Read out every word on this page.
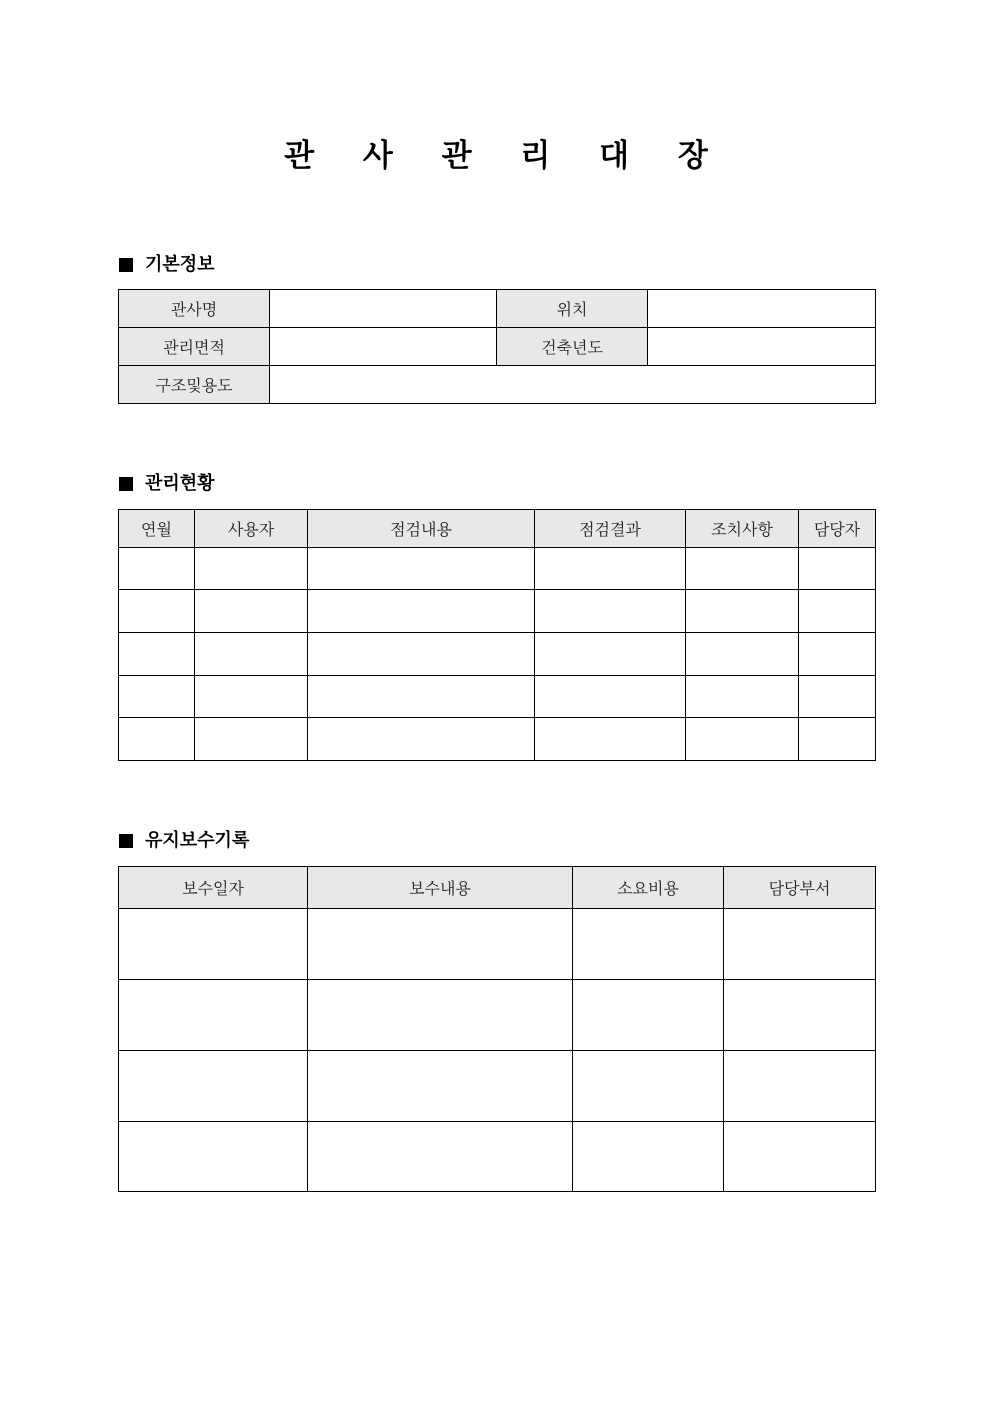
관 사 관 리 대 장
기본정보
관사명		위치	
관리면적		건축년도	
구조및용도			
관리현황
연월	사용자	점검내용	점검결과	조치사항	담당자

유지보수기록
보수일자	보수내용	소요비용	담당부서
